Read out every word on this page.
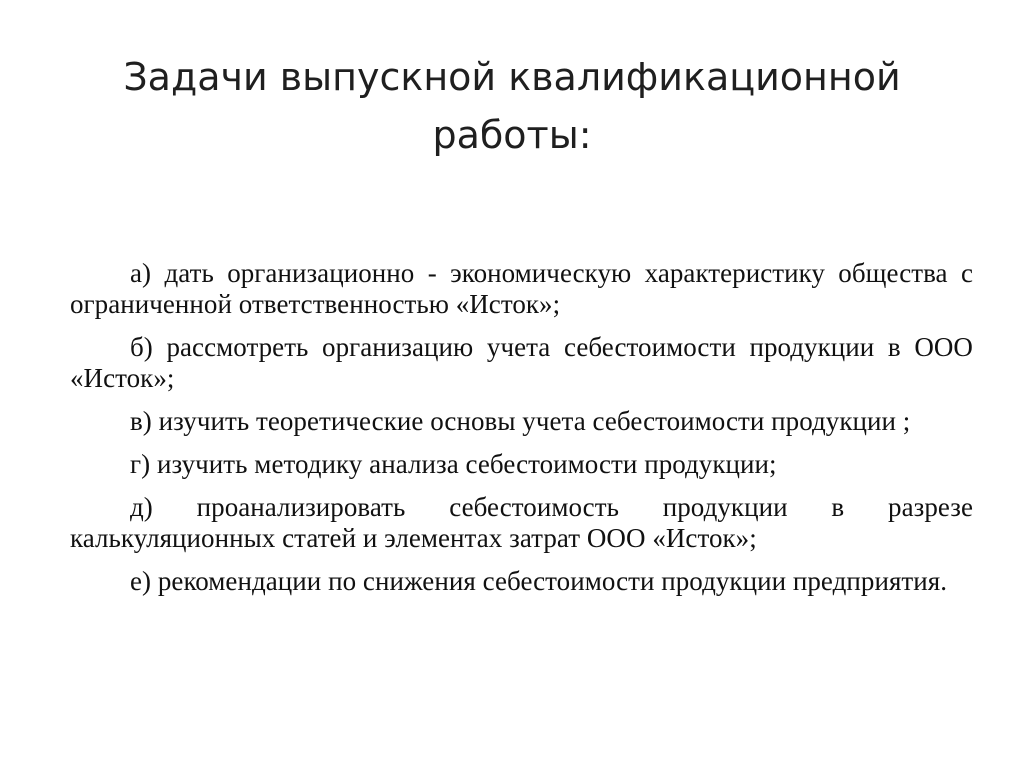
Задачи выпускной квалификационной работы:
а) дать организационно - экономическую характеристику общества с ограниченной ответственностью «Исток»;
б) рассмотреть организацию учета себестоимости продукции в ООО «Исток»;
в) изучить теоретические основы учета себестоимости продукции ;
г) изучить методику анализа себестоимости продукции;
д) проанализировать себестоимость продукции в разрезе калькуляционных статей и элементах затрат ООО «Исток»;
е) рекомендации по снижения себестоимости продукции предприятия.
